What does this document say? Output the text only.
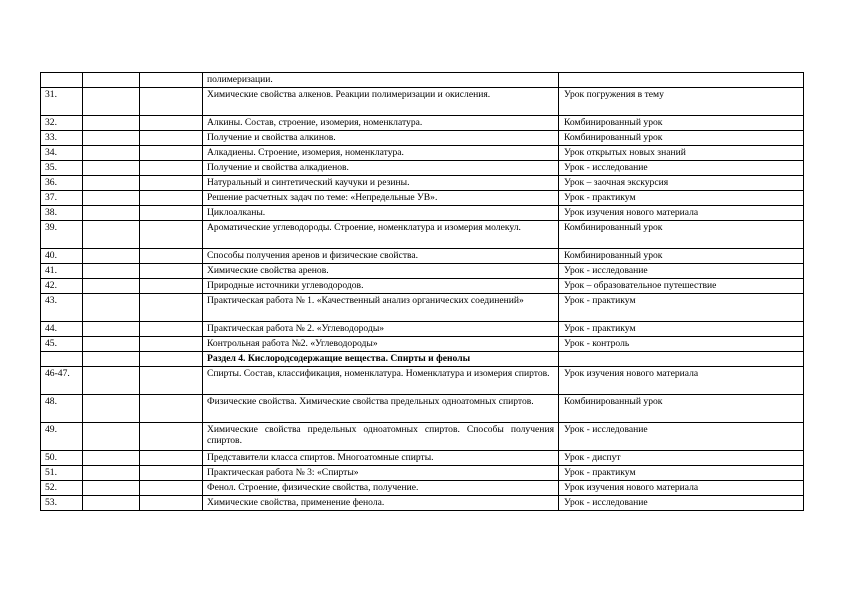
			полимеризации.	
31.			Химические свойства алкенов. Реакции полимеризации и окисления.	Урок погружения в тему
32.			Алкины. Состав, строение, изомерия, номенклатура.	Комбинированный урок
33.			Получение и свойства алкинов.	Комбинированный урок
34.			Алкадиены. Строение, изомерия, номенклатура.	Урок открытых новых знаний
35.			Получение и свойства алкадиенов.	Урок - исследование
36.			Натуральный и синтетический каучуки и резины.	Урок – заочная экскурсия
37.			Решение расчетных задач по теме: «Непредельные УВ».	Урок - практикум
38.			Циклоалканы.	Урок изучения нового материала
39.			Ароматические углеводороды. Строение, номенклатура и изомерия молекул.	Комбинированный урок
40.			Способы получения аренов и физические свойства.	Комбинированный урок
41.			Химические свойства аренов.	Урок - исследование
42.			Природные источники углеводородов.	Урок – образовательное путешествие
43.			Практическая работа № 1. «Качественный анализ органических соединений»	Урок - практикум
44.			Практическая работа № 2. «Углеводороды»	Урок - практикум
45.			Контрольная работа №2. «Углеводороды»	Урок - контроль
			Раздел 4. Кислородсодержащие вещества. Спирты и фенолы	
46-47.			Спирты. Состав, классификация, номенклатура. Номенклатура и изомерия спиртов.	Урок изучения нового материала
48.			Физические свойства. Химические свойства предельных одноатомных спиртов.	Комбинированный урок
49.			Химические свойства предельных одноатомных спиртов. Способы получения спиртов.	Урок - исследование
50.			Представители класса спиртов. Многоатомные спирты.	Урок - диспут
51.			Практическая работа № 3: «Спирты»	Урок - практикум
52.			Фенол. Строение, физические свойства, получение.	Урок изучения нового материала
53.			Химические свойства, применение фенола.	Урок - исследование
